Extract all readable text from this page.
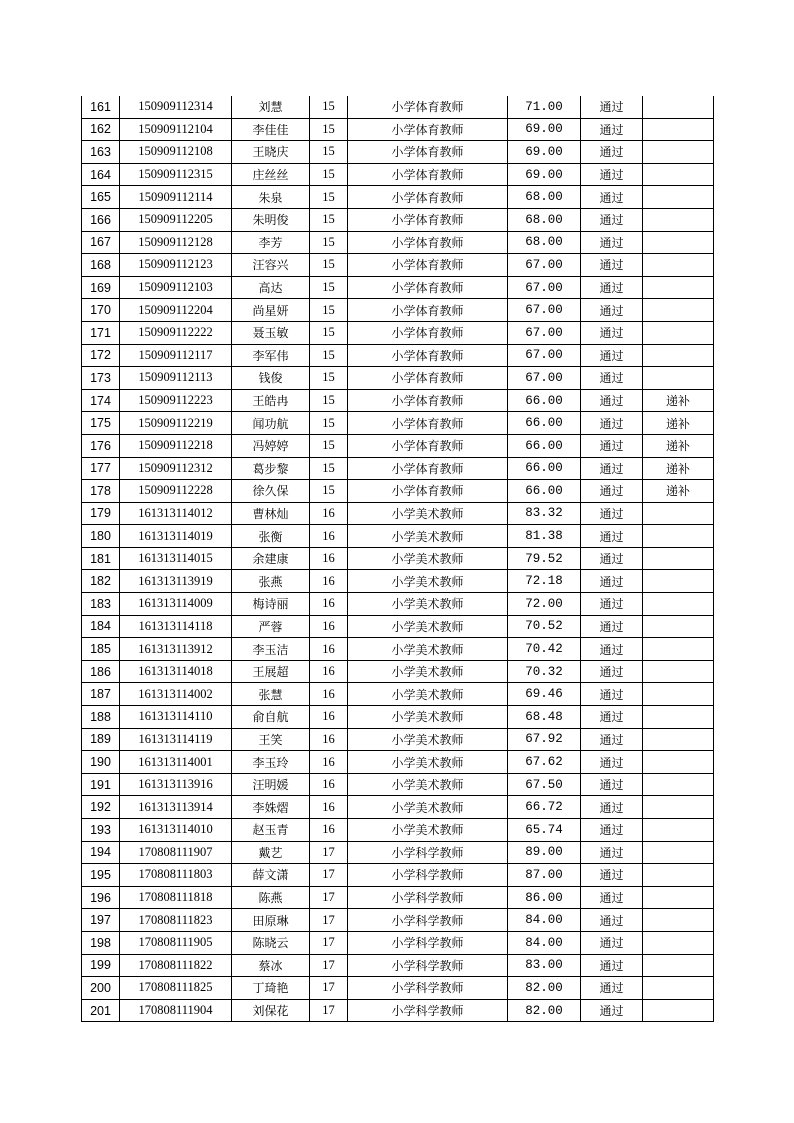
161	150909112314	刘慧	15	小学体育教师	71.00	通过	
162	150909112104	李佳佳	15	小学体育教师	69.00	通过	
163	150909112108	王晓庆	15	小学体育教师	69.00	通过	
164	150909112315	庄丝丝	15	小学体育教师	69.00	通过	
165	150909112114	朱泉	15	小学体育教师	68.00	通过	
166	150909112205	朱明俊	15	小学体育教师	68.00	通过	
167	150909112128	李芳	15	小学体育教师	68.00	通过	
168	150909112123	汪容兴	15	小学体育教师	67.00	通过	
169	150909112103	高达	15	小学体育教师	67.00	通过	
170	150909112204	尚星妍	15	小学体育教师	67.00	通过	
171	150909112222	聂玉敏	15	小学体育教师	67.00	通过	
172	150909112117	李军伟	15	小学体育教师	67.00	通过	
173	150909112113	钱俊	15	小学体育教师	67.00	通过	
174	150909112223	王皓冉	15	小学体育教师	66.00	通过	递补
175	150909112219	闻功航	15	小学体育教师	66.00	通过	递补
176	150909112218	冯婷婷	15	小学体育教师	66.00	通过	递补
177	150909112312	葛步黎	15	小学体育教师	66.00	通过	递补
178	150909112228	徐久保	15	小学体育教师	66.00	通过	递补
179	161313114012	曹林灿	16	小学美术教师	83.32	通过	
180	161313114019	张衡	16	小学美术教师	81.38	通过	
181	161313114015	余建康	16	小学美术教师	79.52	通过	
182	161313113919	张燕	16	小学美术教师	72.18	通过	
183	161313114009	梅诗丽	16	小学美术教师	72.00	通过	
184	161313114118	严蓉	16	小学美术教师	70.52	通过	
185	161313113912	李玉洁	16	小学美术教师	70.42	通过	
186	161313114018	王展超	16	小学美术教师	70.32	通过	
187	161313114002	张慧	16	小学美术教师	69.46	通过	
188	161313114110	俞自航	16	小学美术教师	68.48	通过	
189	161313114119	王笑	16	小学美术教师	67.92	通过	
190	161313114001	李玉玲	16	小学美术教师	67.62	通过	
191	161313113916	汪明媛	16	小学美术教师	67.50	通过	
192	161313113914	李姝熠	16	小学美术教师	66.72	通过	
193	161313114010	赵玉青	16	小学美术教师	65.74	通过	
194	170808111907	戴艺	17	小学科学教师	89.00	通过	
195	170808111803	薛文潇	17	小学科学教师	87.00	通过	
196	170808111818	陈燕	17	小学科学教师	86.00	通过	
197	170808111823	田原琳	17	小学科学教师	84.00	通过	
198	170808111905	陈晓云	17	小学科学教师	84.00	通过	
199	170808111822	蔡冰	17	小学科学教师	83.00	通过	
200	170808111825	丁琦艳	17	小学科学教师	82.00	通过	
201	170808111904	刘保花	17	小学科学教师	82.00	通过	
